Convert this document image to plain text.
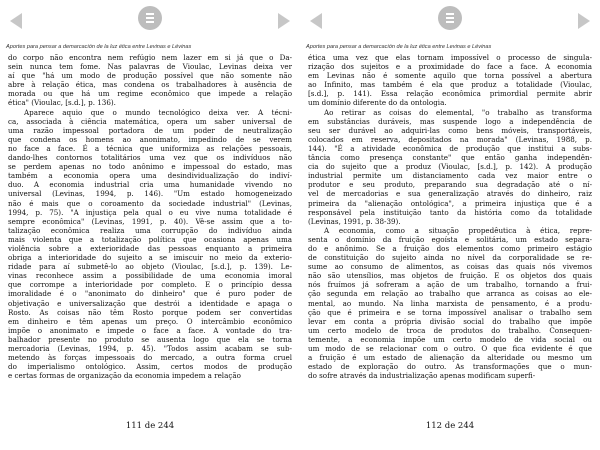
Aportes para pensar a demarcación de la luz ética entre Levinas e Lévinas
do corpo não encontra nem refúgio nem lazer em si já que o Da-
sein nunca tem fome. Nas palavras de Vioulac, Levinas deixa ver
aí que "há um modo de produção possível que não somente não
abre à relação ética, mas condena os trabalhadores à ausência de
morada ou que há um regime econômico que impede a relação
ética" (Vioulac, [s.d.], p. 136).
Aparece aquio que o mundo tecnológico deixa ver. A técni-
ca, associada à ciência matemática, opera um saber universal de
uma razão impessoal portadora de um poder de neutralização
que condena os homens ao anonimato, impedindo de se verem
no face a face. É a técnica que uniformiza as relações pessoais,
dando-lhes contornos totalitários uma vez que os indivíduos não
se perdem apenas no todo anônimo e impessoal do estado, mas
também a economia opera uma desindividualização do indiví-
duo. A economia industrial cria uma humanidade vivendo no
universal (Levinas, 1994, p. 146). "Um estado homogeneizado
não é mais que o coroamento da sociedade industrial" (Levinas,
1994, p. 75). "A injustiça pela qual o eu vive numa totalidade é
sempre econômica" (Levinas, 1991, p. 40). Vê-se assim que a to-
talização econômica realiza uma corrupção do indivíduo ainda
mais violenta que a totalização política que ocasiona apenas uma
violência sobre a exterioridade das pessoas enquanto a primeira
obriga a interioridade do sujeito a se imiscuir no meio da exterio-
ridade para aí submetê-lo ao objeto (Vioulac, [s.d.], p. 139). Le-
vinas reconhece assim a possibilidade de uma economia imoral
que corrompe a interioridade por completo. E o princípio dessa
imoralidade é o "anonimato do dinheiro" que é puro poder de
objetivação e universalização que destrói a identidade e apaga o
Rosto. As coisas não têm Rosto porque podem ser convertidas
em dinheiro e têm apenas um preço. O intercâmbio econômico
impõe o anonimato e impede o face a face. A vontade do tra-
balhador presente no produto se ausenta logo que ela se torna
mercadoria (Levinas, 1994, p. 45). "Todos assim acabam se sub-
metendo às forças impessoais do mercado, a outra forma cruel
do imperialismo ontológico. Assim, certos modos de produção
e certas formas de organização da economia impedem a relação
111 de 244
Aportes para pensar a demarcación de la luz ética entre Levinas e Lévinas
ética uma vez que elas tornam impossível o processo de singula-
rização dos sujeitos e a proximidade do face a face. A economia
em Levinas não é somente aquilo que torna possível a abertura
ao Infinito, mas também é ela que produz a totalidade (Vioulac,
[s.d.], p. 141). Essa relação econômica primordial permite abrir
um domínio diferente do da ontologia.
Ao retirar as coisas do elemental, "o trabalho as transforma
em substâncias duráveis, mas suspende logo a independência de
seu ser durável ao adquiri-las como bens móveis, transportáveis,
colocados em reserva, depositados na morada" (Levinas, 1988, p.
144). "É a atividade econômica de produção que institui a subs-
tância como presença constante" que então ganha independên-
cia do sujeito que a produz (Vioulac, [s.d.], p. 142). A produção
industrial permite um distanciamento cada vez maior entre o
produtor e seu produto, preparando sua degradação até o ní-
vel de mercadorias e sua generalização através do dinheiro, raiz
primeira da "alienação ontológica", a primeira injustiça que é a
responsável pela instituição tanto da história como da totalidade
(Levinas, 1991, p. 38-39).
A economia, como a situação propedêutica à ética, repre-
senta o domínio da fruição egoísta e solitária, um estado separa-
do e anônimo. Se a fruição dos elementos como primeiro estágio
de constituição do sujeito ainda no nível da corporalidade se re-
sume ao consumo de alimentos, as coisas das quais nós vivemos
não são utensílios, mas objetos de fruição. E os objetos dos quais
nós fruímos já sofreram a ação de um trabalho, tornando a frui-
ção segunda em relação ao trabalho que arranca as coisas ao ele-
mental, ao mundo. Na linha marxista de pensamento, é a produ-
ção que é primeira e se torna impossível analisar o trabalho sem
levar em conta a própria divisão social do trabalho que impõe
um certo modelo de troca de produtos do trabalho. Consequen-
temente, a economia impõe um certo modelo de vida social ou
um modo de se relacionar com o outro. O que fica evidente é que
a fruição é um estado de alienação da alteridade ou mesmo um
estado de exploração do outro. As transformações que o mun-
do sofre através da industrialização apenas modificam superfi-
112 de 244
